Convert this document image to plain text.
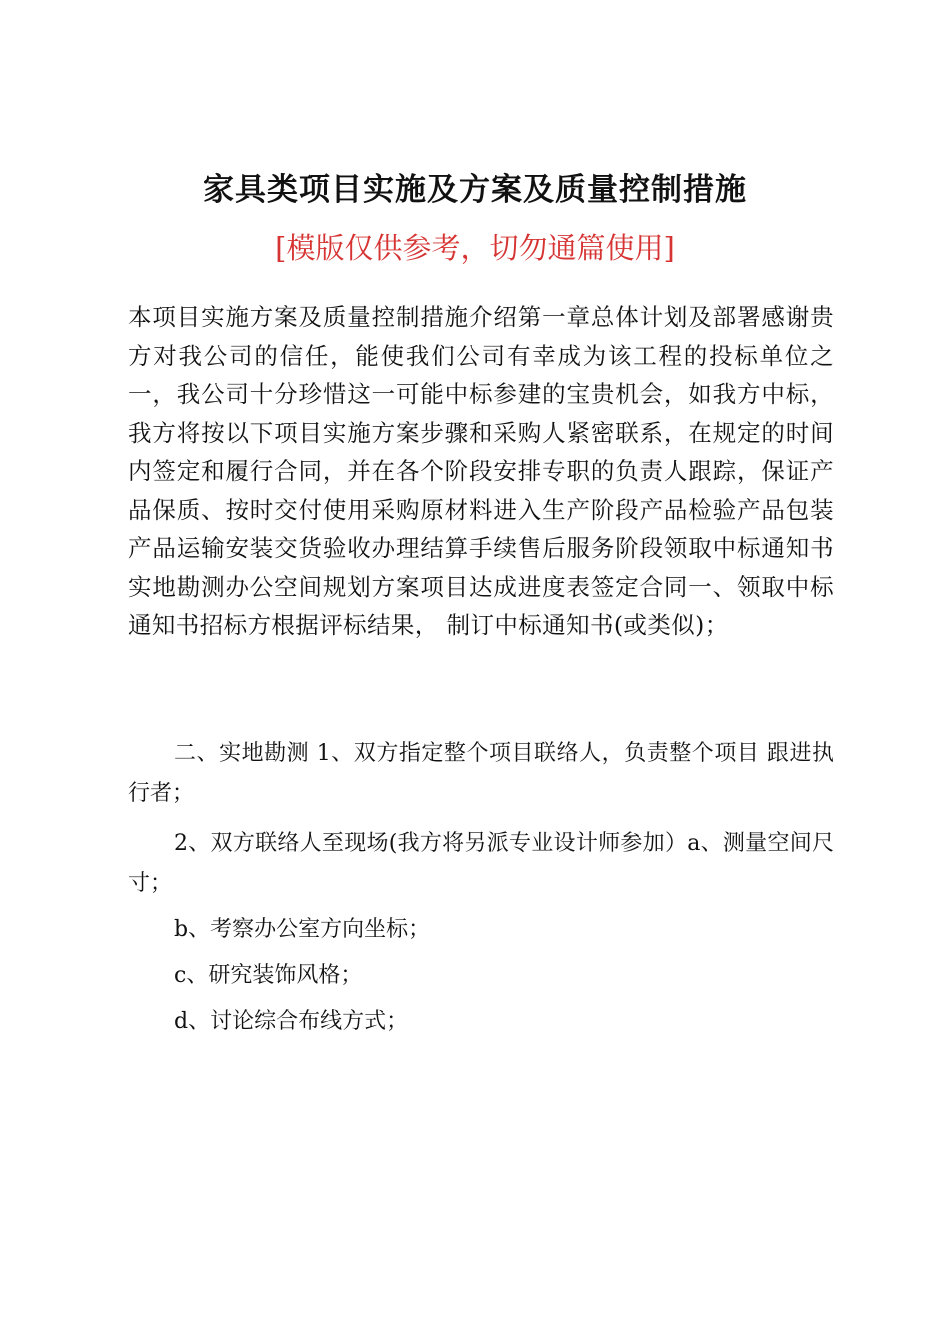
家具类项目实施及方案及质量控制措施
[模版仅供参考，切勿通篇使用]

本项目实施方案及质量控制措施介绍第一章总体计划及部署感谢贵方对我公司的信任，能使我们公司有幸成为该工程的投标单位之一，我公司十分珍惜这一可能中标参建的宝贵机会，如我方中标，我方将按以下项目实施方案步骤和采购人紧密联系，在规定的时间内签定和履行合同，并在各个阶段安排专职的负责人跟踪，保证产品保质、按时交付使用采购原材料进入生产阶段产品检验产品包装产品运输安装交货验收办理结算手续售后服务阶段领取中标通知书实地勘测办公空间规划方案项目达成进度表签定合同一、领取中标通知书招标方根据评标结果， 制订中标通知书(或类似)；

二、实地勘测 1、双方指定整个项目联络人，负责整个项目 跟进执行者；

2、双方联络人至现场(我方将另派专业设计师参加）a、测量空间尺寸；

b、考察办公室方向坐标；

c、研究装饰风格；

d、讨论综合布线方式；
